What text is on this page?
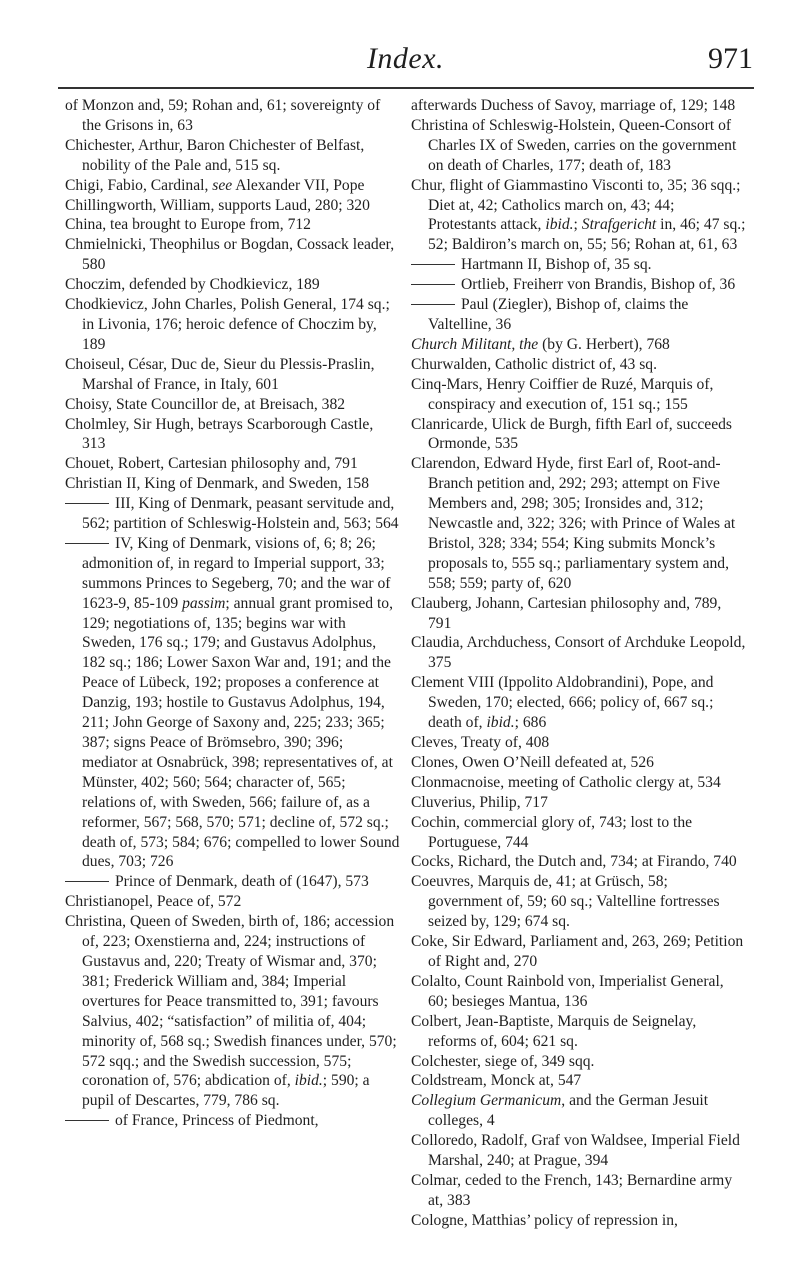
Index.	971

of Monzon and, 59; Rohan and, 61; sovereignty of the Grisons in, 63

Chichester, Arthur, Baron Chichester of Belfast, nobility of the Pale and, 515 sq.

Chigi, Fabio, Cardinal, see Alexander VII, Pope

Chillingworth, William, supports Laud, 280; 320

China, tea brought to Europe from, 712

Chmielnicki, Theophilus or Bogdan, Cossack leader, 580

Choczim, defended by Chodkievicz, 189

Chodkievicz, John Charles, Polish General, 174 sq.; in Livonia, 176; heroic defence of Choczim by, 189

Choiseul, César, Duc de, Sieur du Plessis-Praslin, Marshal of France, in Italy, 601

Choisy, State Councillor de, at Breisach, 382

Cholmley, Sir Hugh, betrays Scarborough Castle, 313

Chouet, Robert, Cartesian philosophy and, 791

Christian II, King of Denmark, and Sweden, 158

III, King of Denmark, peasant servitude and, 562; partition of Schleswig-Holstein and, 563; 564

IV, King of Denmark, visions of, 6; 8; 26; admonition of, in regard to Imperial support, 33; summons Princes to Segeberg, 70; and the war of 1623-9, 85-109 passim; annual grant promised to, 129; negotiations of, 135; begins war with Sweden, 176 sq.; 179; and Gustavus Adolphus, 182 sq.; 186; Lower Saxon War and, 191; and the Peace of Lübeck, 192; proposes a conference at Danzig, 193; hostile to Gustavus Adolphus, 194, 211; John George of Saxony and, 225; 233; 365; 387; signs Peace of Brömsebro, 390; 396; mediator at Osnabrück, 398; representatives of, at Münster, 402; 560; 564; character of, 565; relations of, with Sweden, 566; failure of, as a reformer, 567; 568, 570; 571; decline of, 572 sq.; death of, 573; 584; 676; compelled to lower Sound dues, 703; 726

Prince of Denmark, death of (1647), 573

Christianopel, Peace of, 572

Christina, Queen of Sweden, birth of, 186; accession of, 223; Oxenstierna and, 224; instructions of Gustavus and, 220; Treaty of Wismar and, 370; 381; Frederick William and, 384; Imperial overtures for Peace transmitted to, 391; favours Salvius, 402; “satisfaction” of militia of, 404; minority of, 568 sq.; Swedish finances under, 570; 572 sqq.; and the Swedish succession, 575; coronation of, 576; abdication of, ibid.; 590; a pupil of Descartes, 779, 786 sq.

of France, Princess of Piedmont,

afterwards Duchess of Savoy, marriage of, 129; 148

Christina of Schleswig-Holstein, Queen-Consort of Charles IX of Sweden, carries on the government on death of Charles, 177; death of, 183

Chur, flight of Giammastino Visconti to, 35; 36 sqq.; Diet at, 42; Catholics march on, 43; 44; Protestants attack, ibid.; Strafgericht in, 46; 47 sq.; 52; Baldiron’s march on, 55; 56; Rohan at, 61, 63

Hartmann II, Bishop of, 35 sq.

Ortlieb, Freiherr von Brandis, Bishop of, 36

Paul (Ziegler), Bishop of, claims the Valtelline, 36

Church Militant, the (by G. Herbert), 768

Churwalden, Catholic district of, 43 sq.

Cinq-Mars, Henry Coiffier de Ruzé, Marquis of, conspiracy and execution of, 151 sq.; 155

Clanricarde, Ulick de Burgh, fifth Earl of, succeeds Ormonde, 535

Clarendon, Edward Hyde, first Earl of, Root-and-Branch petition and, 292; 293; attempt on Five Members and, 298; 305; Ironsides and, 312; Newcastle and, 322; 326; with Prince of Wales at Bristol, 328; 334; 554; King submits Monck’s proposals to, 555 sq.; parliamentary system and, 558; 559; party of, 620

Clauberg, Johann, Cartesian philosophy and, 789, 791

Claudia, Archduchess, Consort of Archduke Leopold, 375

Clement VIII (Ippolito Aldobrandini), Pope, and Sweden, 170; elected, 666; policy of, 667 sq.; death of, ibid.; 686

Cleves, Treaty of, 408

Clones, Owen O’Neill defeated at, 526

Clonmacnoise, meeting of Catholic clergy at, 534

Cluverius, Philip, 717

Cochin, commercial glory of, 743; lost to the Portuguese, 744

Cocks, Richard, the Dutch and, 734; at Firando, 740

Coeuvres, Marquis de, 41; at Grüsch, 58; government of, 59; 60 sq.; Valtelline fortresses seized by, 129; 674 sq.

Coke, Sir Edward, Parliament and, 263, 269; Petition of Right and, 270

Colalto, Count Rainbold von, Imperialist General, 60; besieges Mantua, 136

Colbert, Jean-Baptiste, Marquis de Seignelay, reforms of, 604; 621 sq.

Colchester, siege of, 349 sqq.

Coldstream, Monck at, 547

Collegium Germanicum, and the German Jesuit colleges, 4

Colloredo, Radolf, Graf von Waldsee, Imperial Field Marshal, 240; at Prague, 394

Colmar, ceded to the French, 143; Bernardine army at, 383

Cologne, Matthias’ policy of repression in,
